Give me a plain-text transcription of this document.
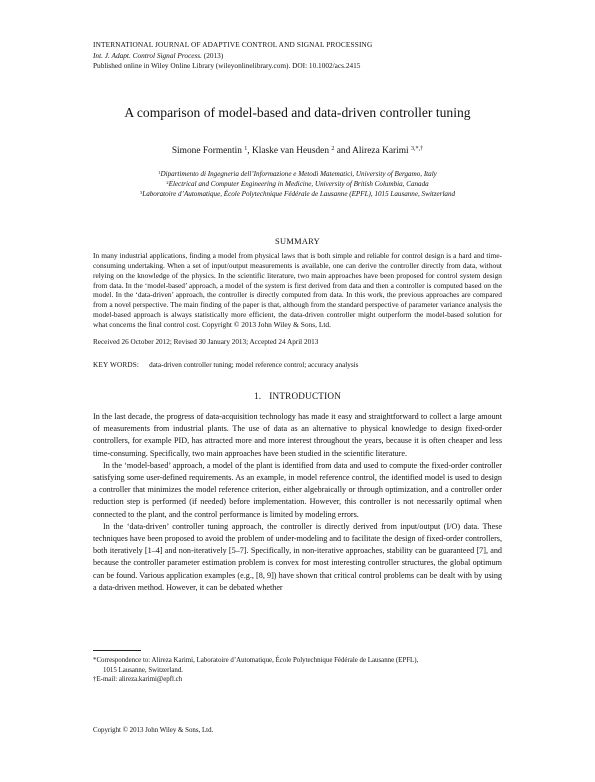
INTERNATIONAL JOURNAL OF ADAPTIVE CONTROL AND SIGNAL PROCESSING
Int. J. Adapt. Control Signal Process. (2013)
Published online in Wiley Online Library (wileyonlinelibrary.com). DOI: 10.1002/acs.2415
A comparison of model-based and data-driven controller tuning
Simone Formentin $^1$, Klaske van Heusden $^2$ and Alireza Karimi $^{3,*,\dagger}$
$^1$Dipartimento di Ingegneria dell’Informazione e Metodi Matematici, University of Bergamo, Italy
$^2$Electrical and Computer Engineering in Medicine, University of British Columbia, Canada
$^3$Laboratoire d’Automatique, École Polytechnique Fédérale de Lausanne (EPFL), 1015 Lausanne, Switzerland
SUMMARY
In many industrial applications, finding a model from physical laws that is both simple and reliable for control design is a hard and time-consuming undertaking. When a set of input/output measurements is available, one can derive the controller directly from data, without relying on the knowledge of the physics. In the scientific literature, two main approaches have been proposed for control system design from data. In the ‘model-based’ approach, a model of the system is first derived from data and then a controller is computed based on the model. In the ‘data-driven’ approach, the controller is directly computed from data. In this work, the previous approaches are compared from a novel perspective. The main finding of the paper is that, although from the standard perspective of parameter variance analysis the model-based approach is always statistically more efficient, the data-driven controller might outperform the model-based solution for what concerns the final control cost. Copyright © 2013 John Wiley & Sons, Ltd.
Received 26 October 2012; Revised 30 January 2013; Accepted 24 April 2013
KEY WORDS: data-driven controller tuning; model reference control; accuracy analysis
1. INTRODUCTION

In the last decade, the progress of data-acquisition technology has made it easy and straightforward to collect a large amount of measurements from industrial plants. The use of data as an alternative to physical knowledge to design fixed-order controllers, for example PID, has attracted more and more interest throughout the years, because it is often cheaper and less time-consuming. Specifically, two main approaches have been studied in the scientific literature.

In the ‘model-based’ approach, a model of the plant is identified from data and used to compute the fixed-order controller satisfying some user-defined requirements. As an example, in model reference control, the identified model is used to design a controller that minimizes the model reference criterion, either algebraically or through optimization, and a controller order reduction step is performed (if needed) before implementation. However, this controller is not necessarily optimal when connected to the plant, and the control performance is limited by modeling errors.

In the ‘data-driven’ controller tuning approach, the controller is directly derived from input/output (I/O) data. These techniques have been proposed to avoid the problem of under-modeling and to facilitate the design of fixed-order controllers, both iteratively [1–4] and non-iteratively [5–7]. Specifically, in non-iterative approaches, stability can be guaranteed [7], and because the controller parameter estimation problem is convex for most interesting controller structures, the global optimum can be found. Various application examples (e.g., [8, 9]) have shown that critical control problems can be dealt with by using a data-driven method. However, it can be debated whether

*Correspondence to: Alireza Karimi, Laboratoire d’Automatique, École Polytechnique Fédérale de Lausanne (EPFL),

1015 Lausanne, Switzerland.

†E-mail: alireza.karimi@epfl.ch

Copyright © 2013 John Wiley & Sons, Ltd.
